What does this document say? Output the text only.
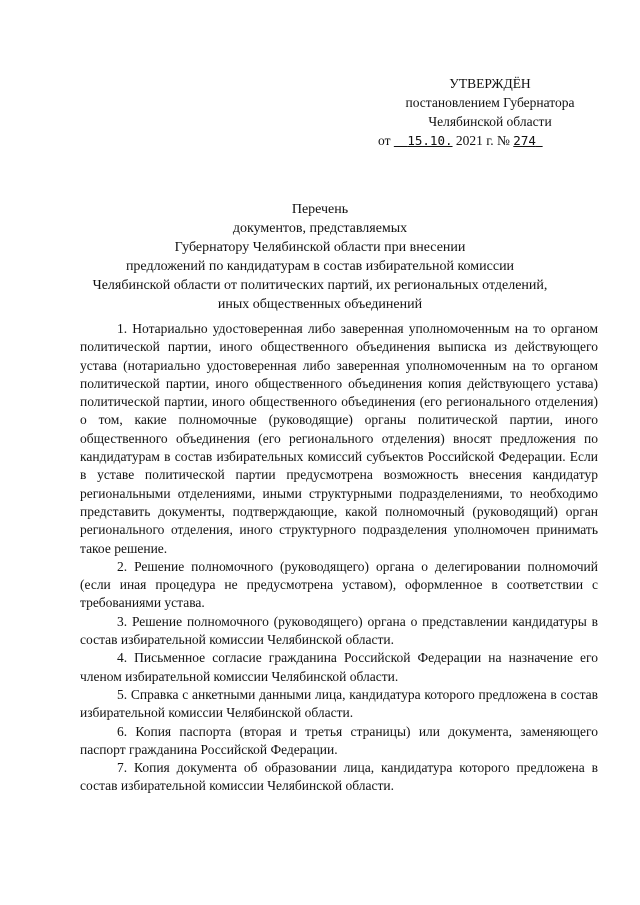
УТВЕРЖДЁН
постановлением Губернатора
Челябинской области
от 15.10. 2021 г. № 274
Перечень
документов, представляемых
Губернатору Челябинской области при внесении
предложений по кандидатурам в состав избирательной комиссии
Челябинской области от политических партий, их региональных отделений,
иных общественных объединений

1. Нотариально удостоверенная либо заверенная уполномоченным на то органом политической партии, иного общественного объединения выписка из действующего устава (нотариально удостоверенная либо заверенная уполномоченным на то органом политической партии, иного общественного объединения копия действующего устава) политической партии, иного общественного объединения (его регионального отделения) о том, какие полномочные (руководящие) органы политической партии, иного общественного объединения (его регионального отделения) вносят предложения по кандидатурам в состав избирательных комиссий субъектов Российской Федерации. Если в уставе политической партии предусмотрена возможность внесения кандидатур региональными отделениями, иными структурными подразделениями, то необходимо представить документы, подтверждающие, какой полномочный (руководящий) орган регионального отделения, иного структурного подразделения уполномочен принимать такое решение.

2. Решение полномочного (руководящего) органа о делегировании полномочий (если иная процедура не предусмотрена уставом), оформленное в соответствии с требованиями устава.

3. Решение полномочного (руководящего) органа о представлении кандидатуры в состав избирательной комиссии Челябинской области.

4. Письменное согласие гражданина Российской Федерации на назначение его членом избирательной комиссии Челябинской области.

5. Справка с анкетными данными лица, кандидатура которого предложена в состав избирательной комиссии Челябинской области.

6. Копия паспорта (вторая и третья страницы) или документа, заменяющего паспорт гражданина Российской Федерации.

7. Копия документа об образовании лица, кандидатура которого предложена в состав избирательной комиссии Челябинской области.
